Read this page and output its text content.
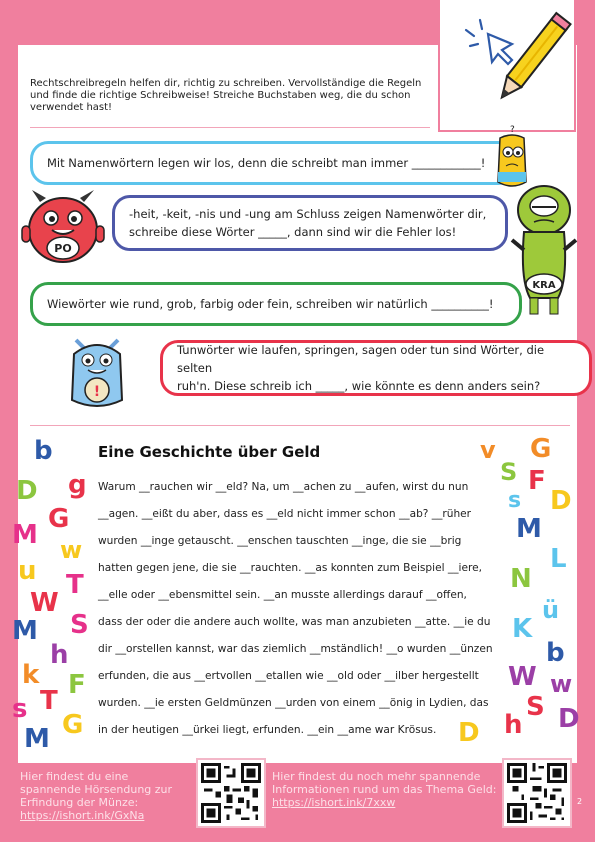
Rechtschreibregeln helfen dir, richtig zu schreiben. Vervollständige die Regeln und finde die richtige Schreibweise! Streiche Buchstaben weg, die du schon verwendet hast!
Mit Namenwörtern legen wir los, denn die schreibt man immer ____________!
-heit, -keit, -nis und -ung am Schluss zeigen Namenwörter dir,
schreibe diese Wörter _____, dann sind wir die Fehler los!
Wiewörter wie rund, grob, farbig oder fein, schreiben wir natürlich __________!
Tunwörter wie laufen, springen, sagen oder tun sind Wörter, die selten
ruh'n. Diese schreib ich _____, wie könnte es denn anders sein?
PO
?
KRA
!
Eine Geschichte über Geld

Warum __rauchen wir __eld? Na, um __achen zu __aufen, wirst du nun

__agen. __eißt du aber, dass es __eld nicht immer schon __ab? __rüher

wurden __inge getauscht. __enschen tauschten __inge, die sie __brig

hatten gegen jene, die sie __rauchten. __as konnten zum Beispiel __iere,

__elle oder __ebensmittel sein. __an musste allerdings darauf __offen,

dass der oder die andere auch wollte, was man anzubieten __atte. __ie du

dir __orstellen kannst, war das ziemlich __mständlich! __o wurden __ünzen

erfunden, die aus __ertvollen __etallen wie __old oder __ilber hergestellt

wurden. __ie ersten Geldmünzen __urden von einem __önig in Lydien, das

in der heutigen __ürkei liegt, erfunden. __ein __ame war Krösus.

b
D g
G
M w
u T
W
S
M
h
k F
T
s
G
M
v G
S F
s D
M
L
N
ü
K
b
W w
S
h D
D
Hier findest du eine spannende Hörsendung zur Erfindung der Münze: https://ishort.ink/GxNa
Hier findest du noch mehr spannende Informationen rund um das Thema Geld: https://ishort.ink/7xxw	2
